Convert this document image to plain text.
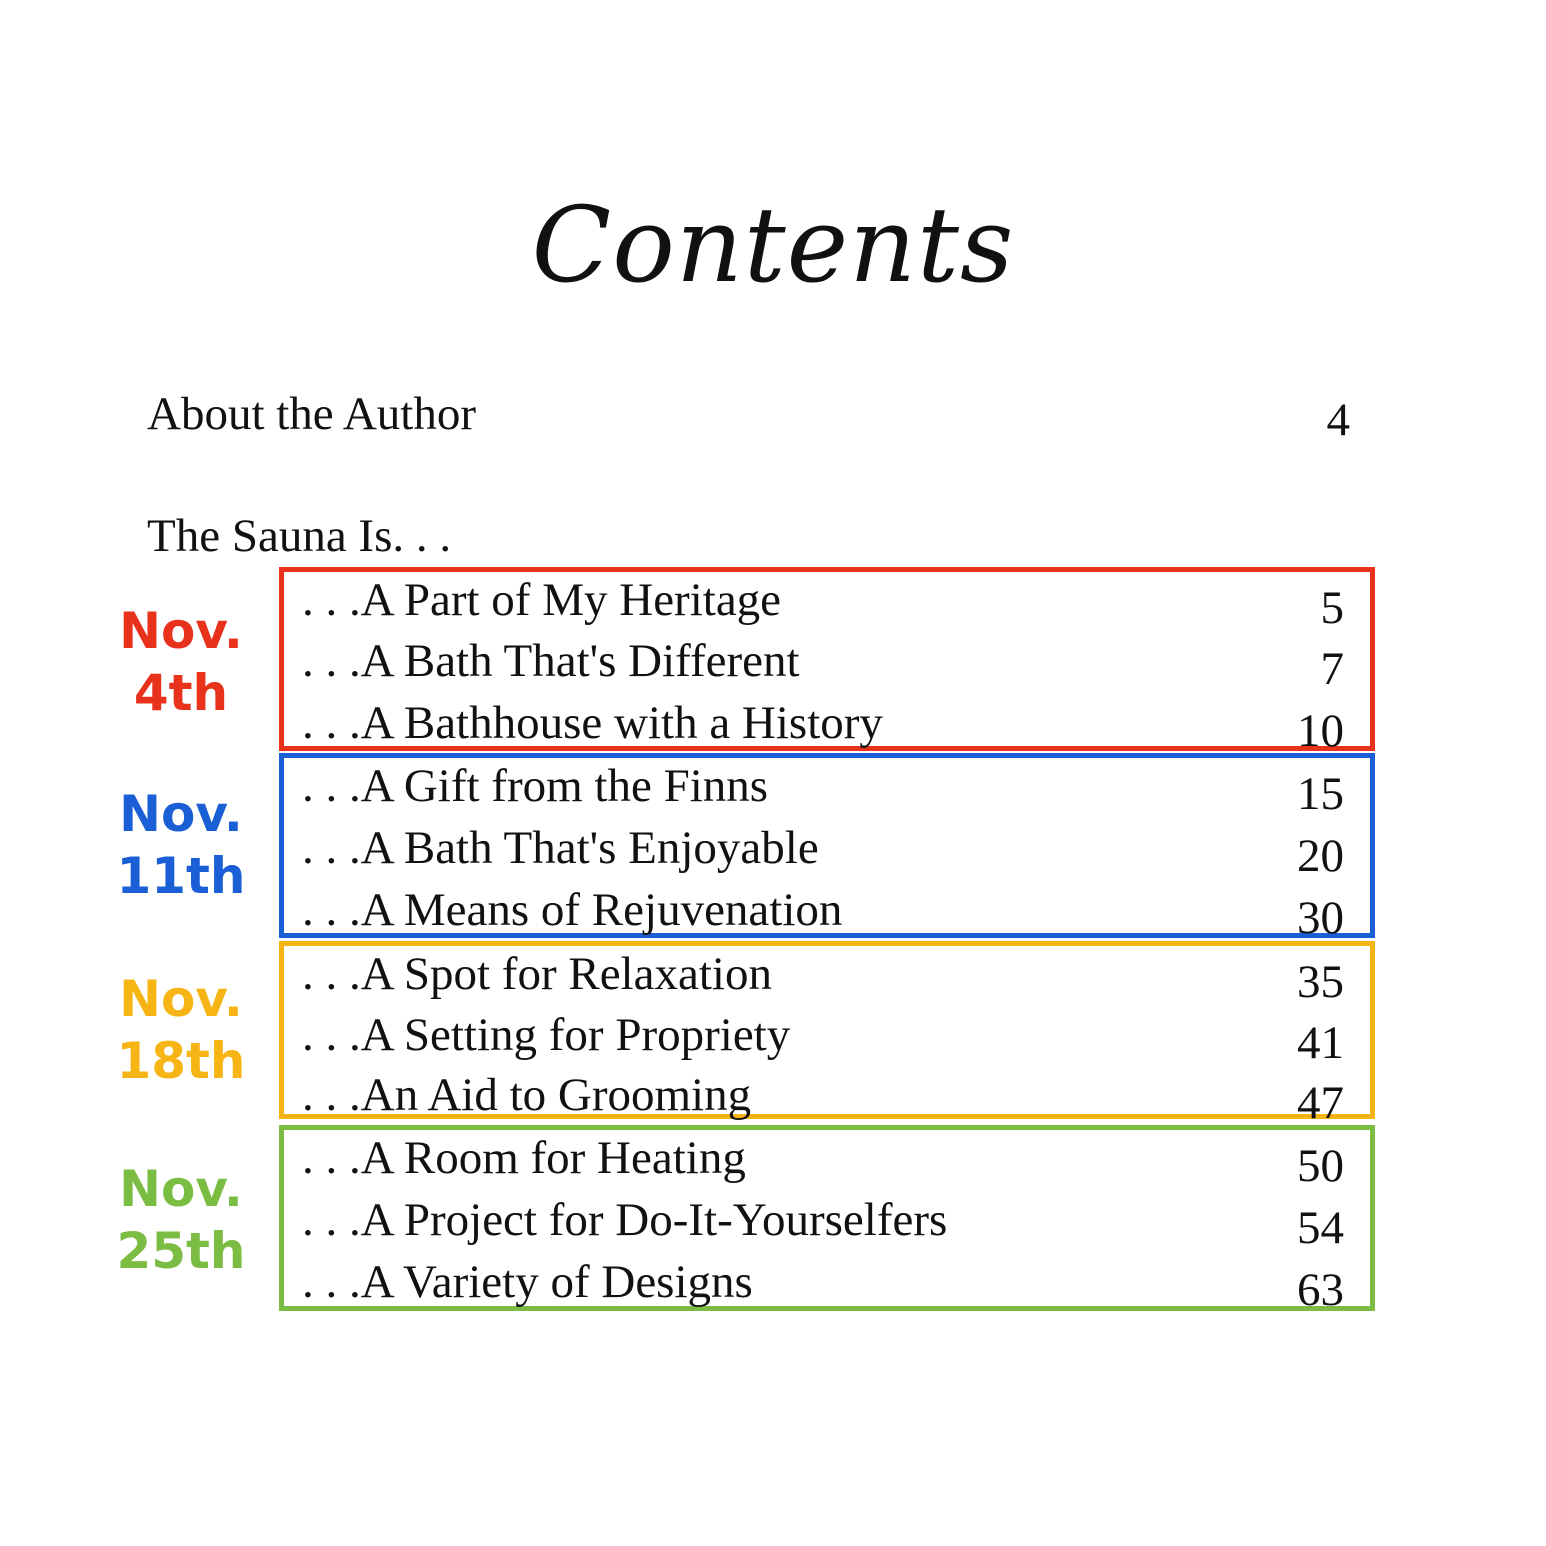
Contents
About the Author	4
The Sauna Is. . .
Nov.
4th
. . .A Part of My Heritage	5
. . .A Bath That's Different	7
. . .A Bathhouse with a History	10
Nov.
11th
. . .A Gift from the Finns	15
. . .A Bath That's Enjoyable	20
. . .A Means of Rejuvenation	30
Nov.
18th
. . .A Spot for Relaxation	35
. . .A Setting for Propriety	41
. . .An Aid to Grooming	47
Nov.
25th
. . .A Room for Heating	50
. . .A Project for Do-It-Yourselfers	54
. . .A Variety of Designs	63
